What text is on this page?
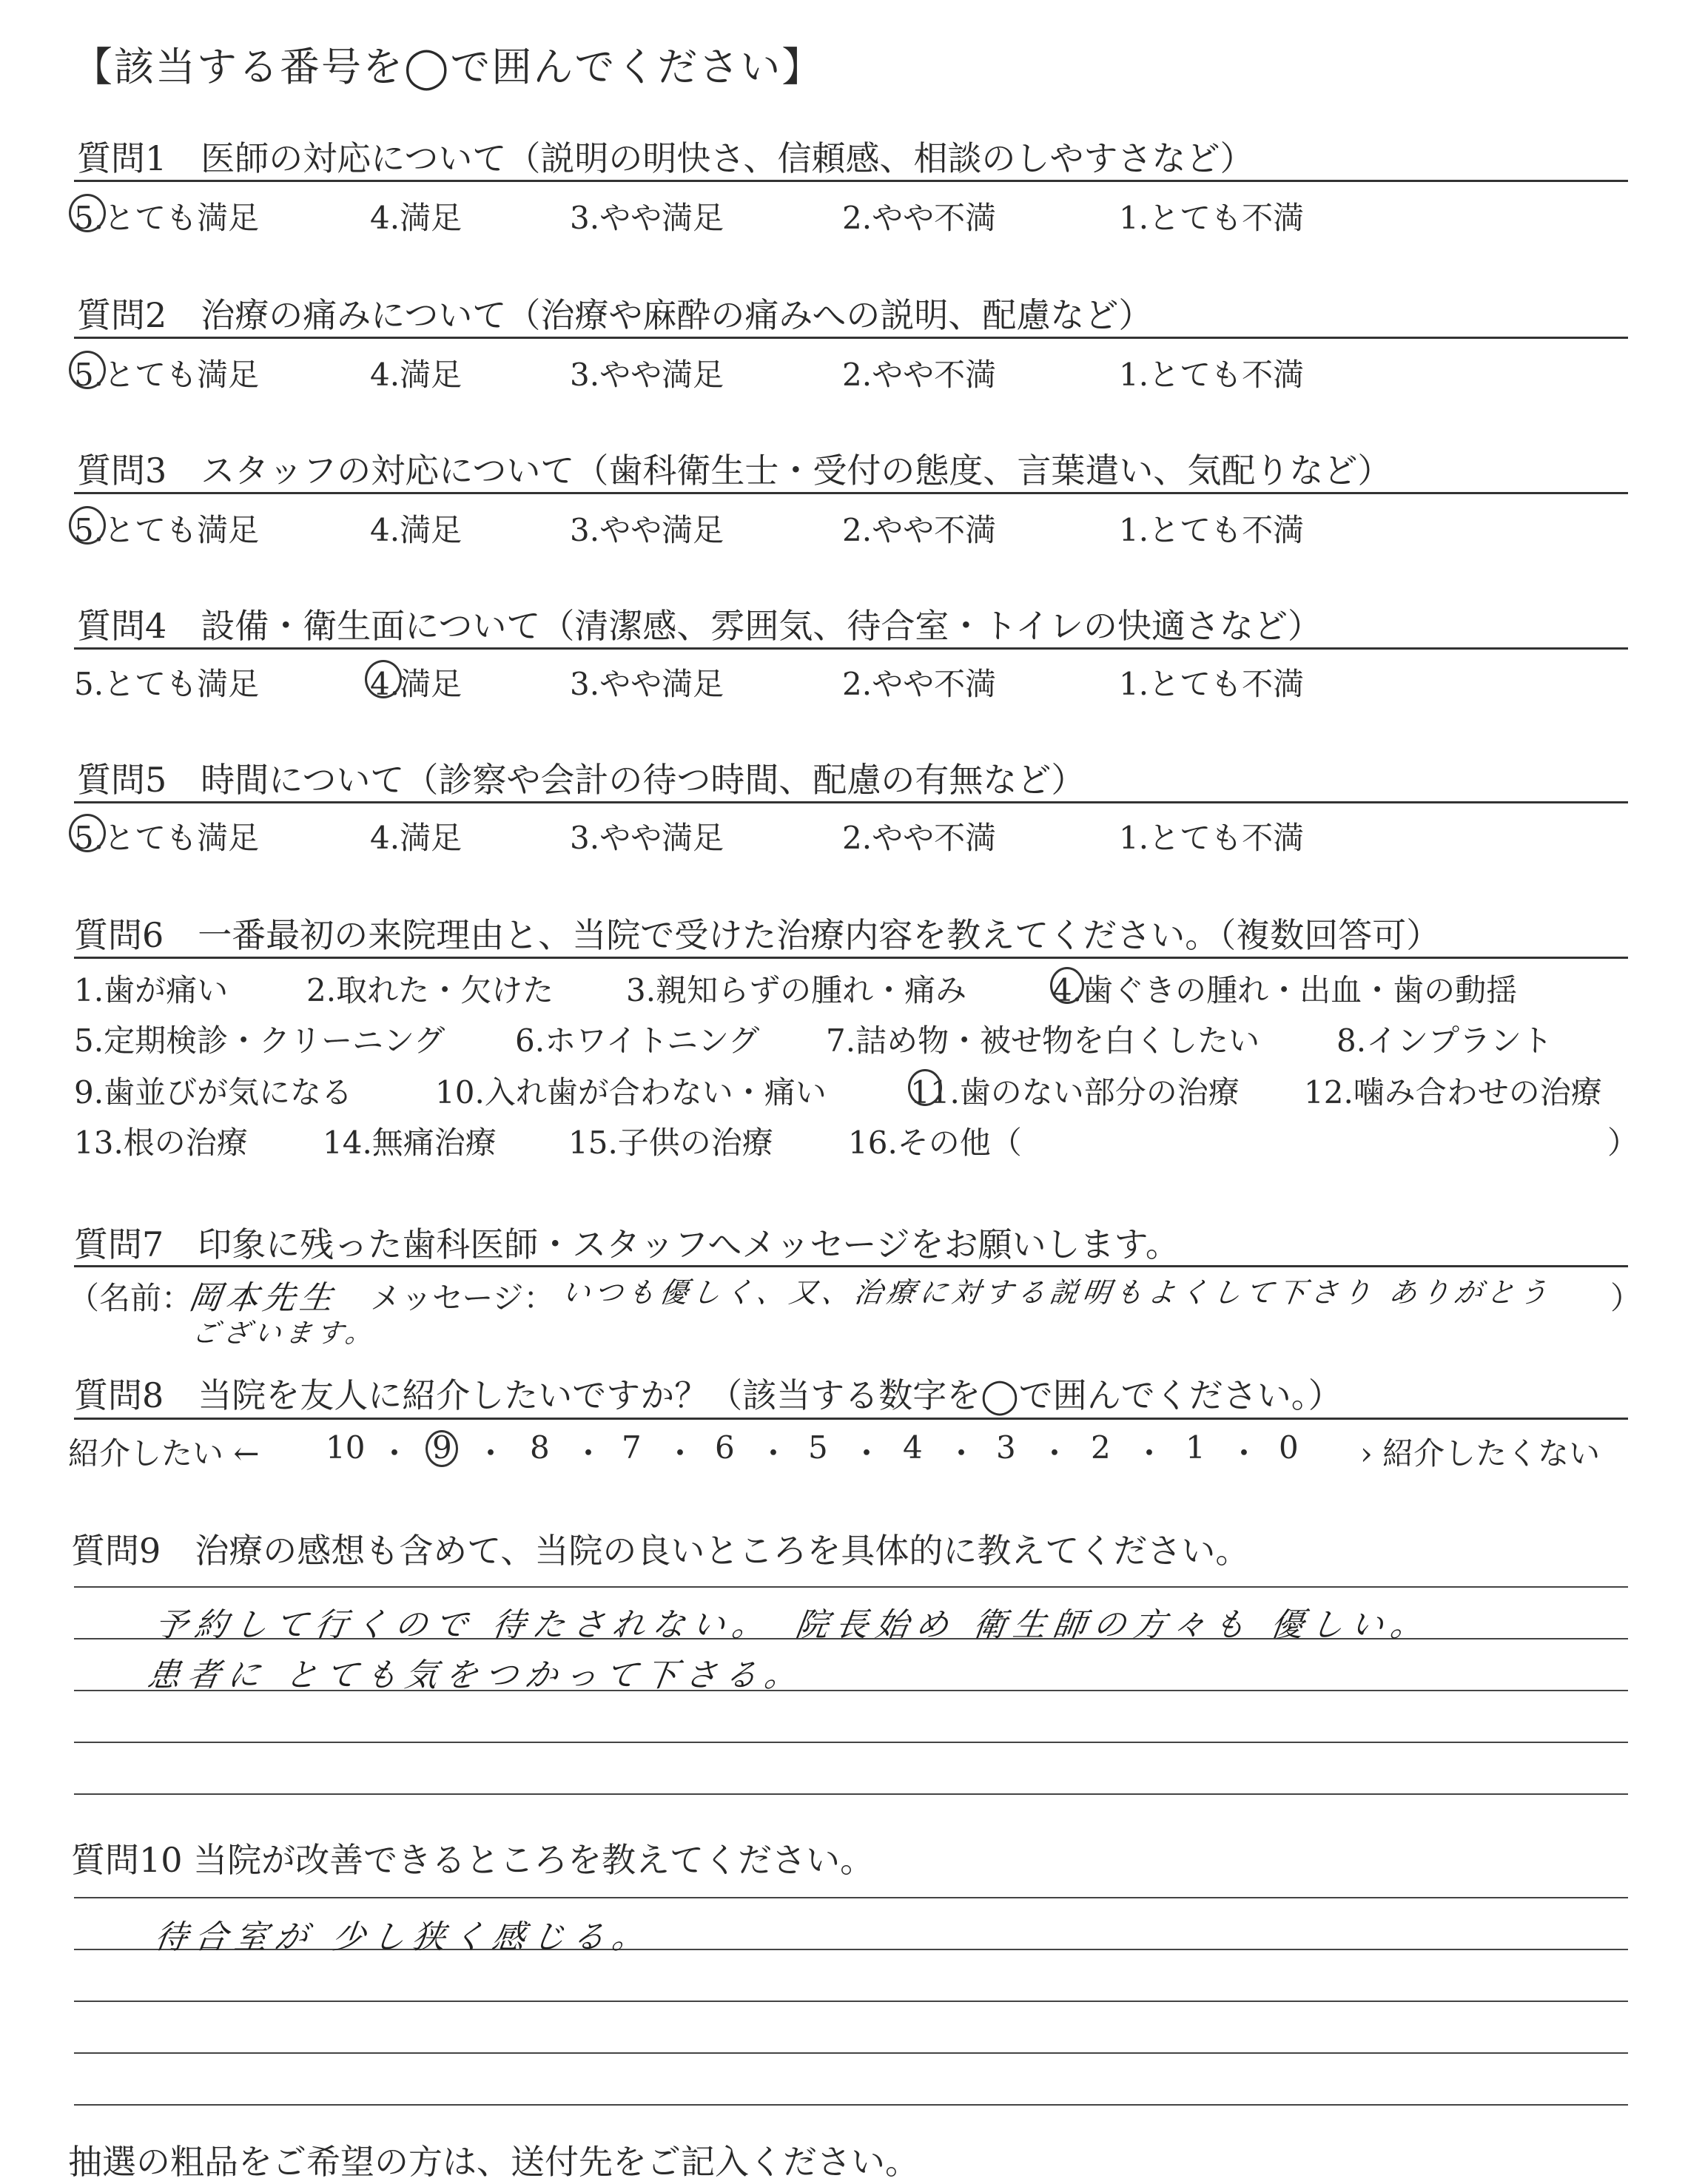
【該当する番号を◯で囲んでください】
質問1　医師の対応について（説明の明快さ、信頼感、相談のしやすさなど）
5.とても満足	4.満足	3.やや満足	2.やや不満	1.とても不満
質問2　治療の痛みについて（治療や麻酔の痛みへの説明、配慮など）
5.とても満足	4.満足	3.やや満足	2.やや不満	1.とても不満
質問3　スタッフの対応について（歯科衛生士・受付の態度、言葉遣い、気配りなど）
5.とても満足	4.満足	3.やや満足	2.やや不満	1.とても不満
質問4　設備・衛生面について（清潔感、雰囲気、待合室・トイレの快適さなど）
5.とても満足	4.満足	3.やや満足	2.やや不満	1.とても不満
質問5　時間について（診察や会計の待つ時間、配慮の有無など）
5.とても満足	4.満足	3.やや満足	2.やや不満	1.とても不満
質問6　一番最初の来院理由と、当院で受けた治療内容を教えてください。（複数回答可）
1.歯が痛い	2.取れた・欠けた 3.親知らずの腫れ・痛み	4.歯ぐきの腫れ・出血・歯の動揺
5.定期検診・クリーニング 6.ホワイトニング 7.詰め物・被せ物を白くしたい 8.インプラント
9.歯並びが気になる	10.入れ歯が合わない・痛い	11.歯のない部分の治療 12.噛み合わせの治療
13.根の治療 14.無痛治療 15.子供の治療 16.その他（	）
質問7　印象に残った歯科医師・スタッフへメッセージをお願いします。
（名前：
岡本先生 メッセージ： いつも優しく、又、治療に対する説明もよくして下さり ありがとう ）
ございます。
質問8　当院を友人に紹介したいですか？（該当する数字を◯で囲んでください。）
紹介したい ←	› 紹介したくない
10 ・ 9 ・ 8 ・ 7 ・ 6 ・ 5 ・ 4 ・ 3 ・ 2 ・ 1 ・ 0
質問9　治療の感想も含めて、当院の良いところを具体的に教えてください。
予約して行くので 待たされない。　院長始め 衛生師の方々も 優しい。
患者に とても気をつかって下さる。
質問10 当院が改善できるところを教えてください。
待合室が 少し狭く感じる。
抽選の粗品をご希望の方は、送付先をご記入ください。
